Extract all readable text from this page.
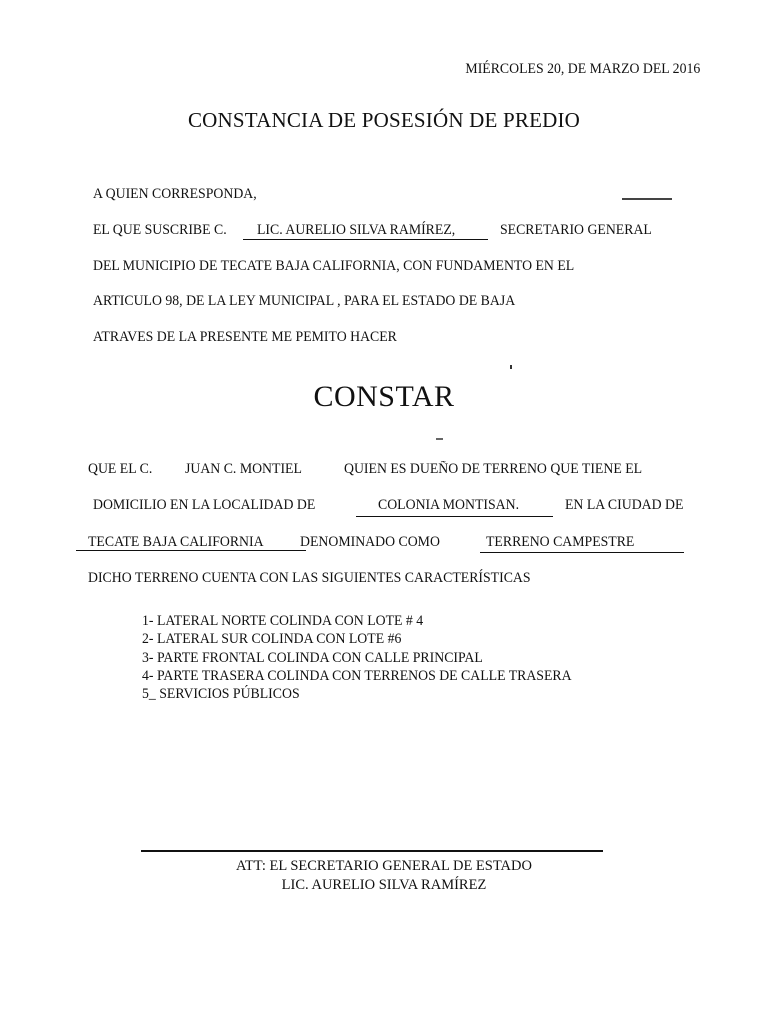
MIÉRCOLES 20, DE MARZO DEL 2016
CONSTANCIA DE POSESIÓN DE PREDIO
A QUIEN CORRESPONDA,
EL QUE SUSCRIBE C. LIC. AURELIO SILVA RAMÍREZ,	SECRETARIO GENERAL
DEL MUNICIPIO DE TECATE BAJA CALIFORNIA, CON FUNDAMENTO EN EL
ARTICULO 98, DE LA LEY MUNICIPAL , PARA EL ESTADO DE BAJA
ATRAVES DE LA PRESENTE ME PEMITO HACER
CONSTAR
QUE EL C. JUAN C. MONTIEL	QUIEN ES DUEÑO DE TERRENO QUE TIENE EL
DOMICILIO EN LA LOCALIDAD DE	COLONIA MONTISAN.	EN LA CIUDAD DE
TECATE BAJA CALIFORNIA DENOMINADO COMO	TERRENO CAMPESTRE
DICHO TERRENO CUENTA CON LAS SIGUIENTES CARACTERÍSTICAS
1- LATERAL NORTE COLINDA CON LOTE # 4
2- LATERAL SUR COLINDA CON LOTE #6
3- PARTE FRONTAL COLINDA CON CALLE PRINCIPAL
4- PARTE TRASERA COLINDA CON TERRENOS DE CALLE TRASERA
5_ SERVICIOS PÚBLICOS
ATT: EL SECRETARIO GENERAL DE ESTADO
LIC. AURELIO SILVA RAMÍREZ
